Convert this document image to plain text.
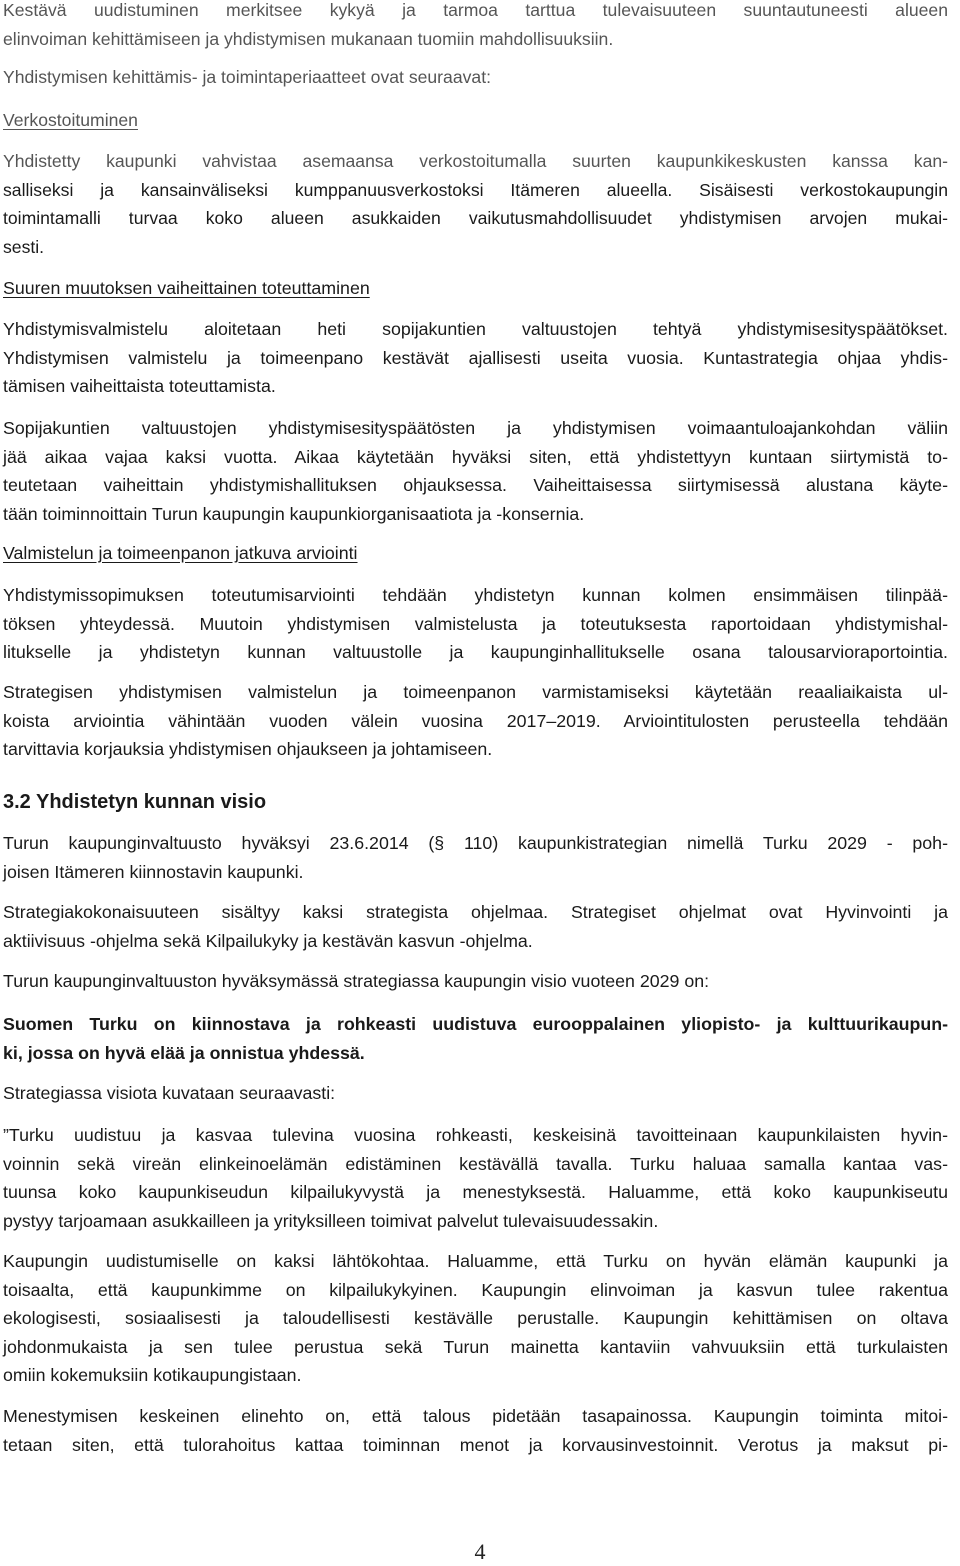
Kestävä uudistuminen merkitsee kykyä ja tarmoa tarttua tulevaisuuteen suuntautuneesti alueen
elinvoiman kehittämiseen ja yhdistymisen mukanaan tuomiin mahdollisuuksiin.
Yhdistymisen kehittämis- ja toimintaperiaatteet ovat seuraavat:
Verkostoituminen
Yhdistetty kaupunki vahvistaa asemaansa verkostoitumalla suurten kaupunkikeskusten kanssa kan-
salliseksi ja kansainväliseksi kumppanuusverkostoksi Itämeren alueella. Sisäisesti verkostokaupungin
toimintamalli turvaa koko alueen asukkaiden vaikutusmahdollisuudet yhdistymisen arvojen mukai-
sesti.
Suuren muutoksen vaiheittainen toteuttaminen
Yhdistymisvalmistelu aloitetaan heti sopijakuntien valtuustojen tehtyä yhdistymisesityspäätökset.
Yhdistymisen valmistelu ja toimeenpano kestävät ajallisesti useita vuosia. Kuntastrategia ohjaa yhdis-
tämisen vaiheittaista toteuttamista.
Sopijakuntien valtuustojen yhdistymisesityspäätösten ja yhdistymisen voimaantuloajankohdan väliin
jää aikaa vajaa kaksi vuotta. Aikaa käytetään hyväksi siten, että yhdistettyyn kuntaan siirtymistä to-
teutetaan vaiheittain yhdistymishallituksen ohjauksessa. Vaiheittaisessa siirtymisessä alustana käyte-
tään toiminnoittain Turun kaupungin kaupunkiorganisaatiota ja -konsernia.
Valmistelun ja toimeenpanon jatkuva arviointi
Yhdistymissopimuksen toteutumisarviointi tehdään yhdistetyn kunnan kolmen ensimmäisen tilinpää-
töksen yhteydessä. Muutoin yhdistymisen valmistelusta ja toteutuksesta raportoidaan yhdistymishal-
litukselle ja yhdistetyn kunnan valtuustolle ja kaupunginhallitukselle osana talousarvioraportointia.
Strategisen yhdistymisen valmistelun ja toimeenpanon varmistamiseksi käytetään reaaliaikaista ul-
koista arviointia vähintään vuoden välein vuosina 2017–2019. Arviointitulosten perusteella tehdään
tarvittavia korjauksia yhdistymisen ohjaukseen ja johtamiseen.
3.2 Yhdistetyn kunnan visio
Turun kaupunginvaltuusto hyväksyi 23.6.2014 (§ 110) kaupunkistrategian nimellä Turku 2029 - poh-
joisen Itämeren kiinnostavin kaupunki.
Strategiakokonaisuuteen sisältyy kaksi strategista ohjelmaa. Strategiset ohjelmat ovat Hyvinvointi ja
aktiivisuus -ohjelma sekä Kilpailukyky ja kestävän kasvun -ohjelma.
Turun kaupunginvaltuuston hyväksymässä strategiassa kaupungin visio vuoteen 2029 on:
Suomen Turku on kiinnostava ja rohkeasti uudistuva eurooppalainen yliopisto- ja kulttuurikaupun-
ki, jossa on hyvä elää ja onnistua yhdessä.
Strategiassa visiota kuvataan seuraavasti:
”Turku uudistuu ja kasvaa tulevina vuosina rohkeasti, keskeisinä tavoitteinaan kaupunkilaisten hyvin-
voinnin sekä vireän elinkeinoelämän edistäminen kestävällä tavalla. Turku haluaa samalla kantaa vas-
tuunsa koko kaupunkiseudun kilpailukyvystä ja menestyksestä. Haluamme, että koko kaupunkiseutu
pystyy tarjoamaan asukkailleen ja yrityksilleen toimivat palvelut tulevaisuudessakin.
Kaupungin uudistumiselle on kaksi lähtökohtaa. Haluamme, että Turku on hyvän elämän kaupunki ja
toisaalta, että kaupunkimme on kilpailukykyinen. Kaupungin elinvoiman ja kasvun tulee rakentua
ekologisesti, sosiaalisesti ja taloudellisesti kestävälle perustalle. Kaupungin kehittämisen on oltava
johdonmukaista ja sen tulee perustua sekä Turun mainetta kantaviin vahvuuksiin että turkulaisten
omiin kokemuksiin kotikaupungistaan.
Menestymisen keskeinen elinehto on, että talous pidetään tasapainossa. Kaupungin toiminta mitoi-
tetaan siten, että tulorahoitus kattaa toiminnan menot ja korvausinvestoinnit. Verotus ja maksut pi-
4
